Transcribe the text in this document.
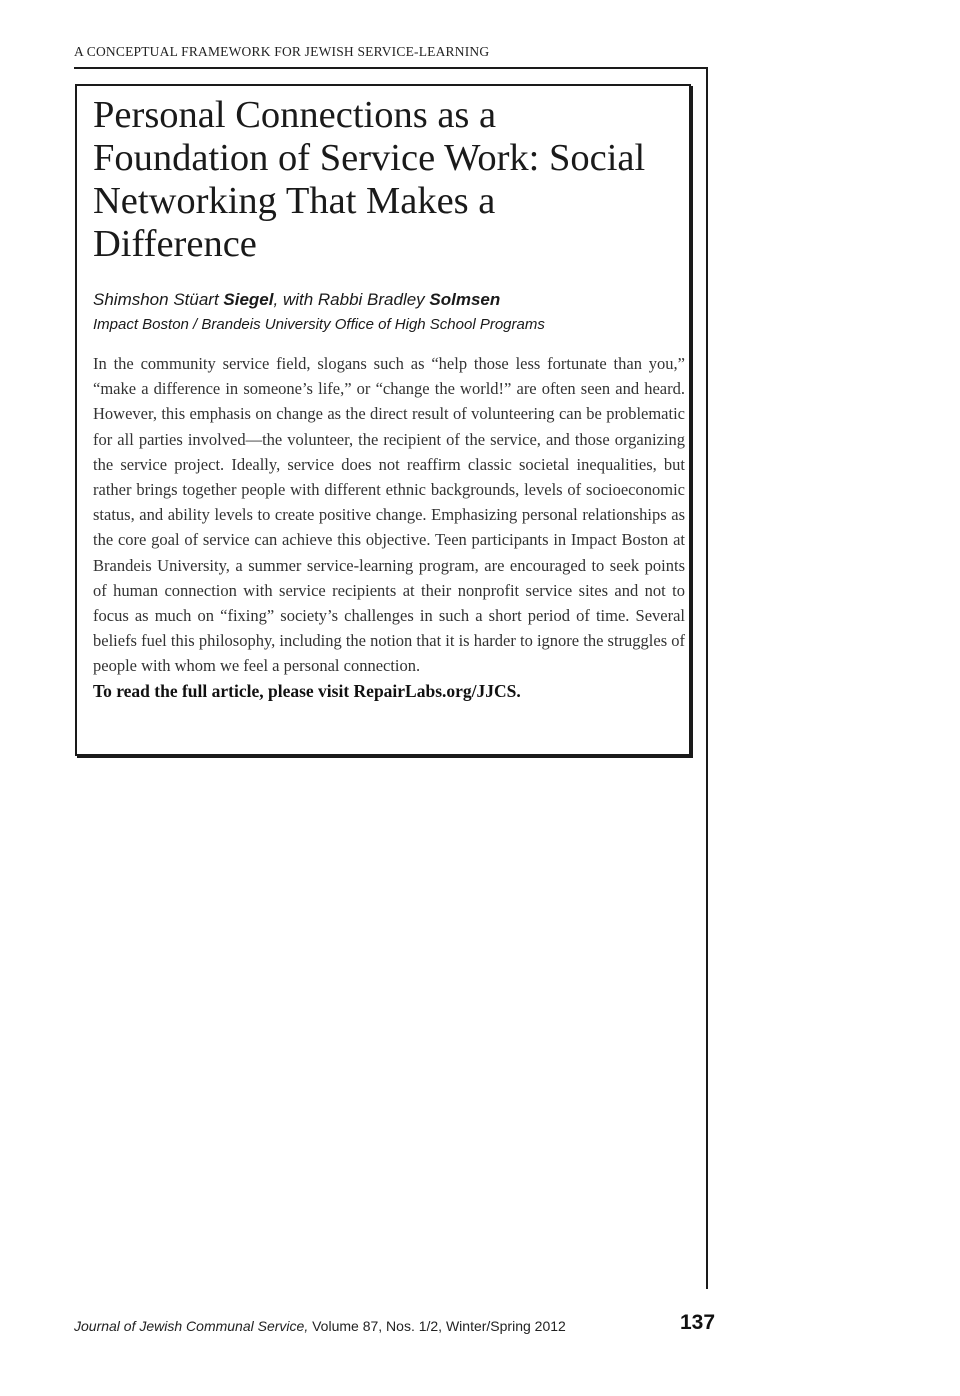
A CONCEPTUAL FRAMEWORK FOR JEWISH SERVICE-LEARNING
Personal Connections as a Foundation of Service Work: Social Networking That Makes a Difference
Shimshon Stüart Siegel, with Rabbi Bradley Solmsen
Impact Boston / Brandeis University Office of High School Programs
In the community service field, slogans such as “help those less fortunate than you,” “make a difference in someone’s life,” or “change the world!” are often seen and heard. However, this emphasis on change as the direct result of volunteering can be problematic for all parties involved—the volunteer, the recipient of the service, and those organizing the service project. Ideally, service does not reaffirm classic societal inequalities, but rather brings together people with different ethnic backgrounds, levels of socioeconomic status, and ability levels to create positive change. Emphasizing personal relationships as the core goal of service can achieve this objective. Teen participants in Impact Boston at Brandeis University, a summer service-learning program, are encouraged to seek points of human connection with service recipients at their nonprofit service sites and not to focus as much on “fixing” society’s challenges in such a short period of time. Several beliefs fuel this philosophy, including the notion that it is harder to ignore the struggles of people with whom we feel a personal connection.
To read the full article, please visit RepairLabs.org/JJCS.
Journal of Jewish Communal Service, Volume 87, Nos. 1/2, Winter/Spring 2012	137
